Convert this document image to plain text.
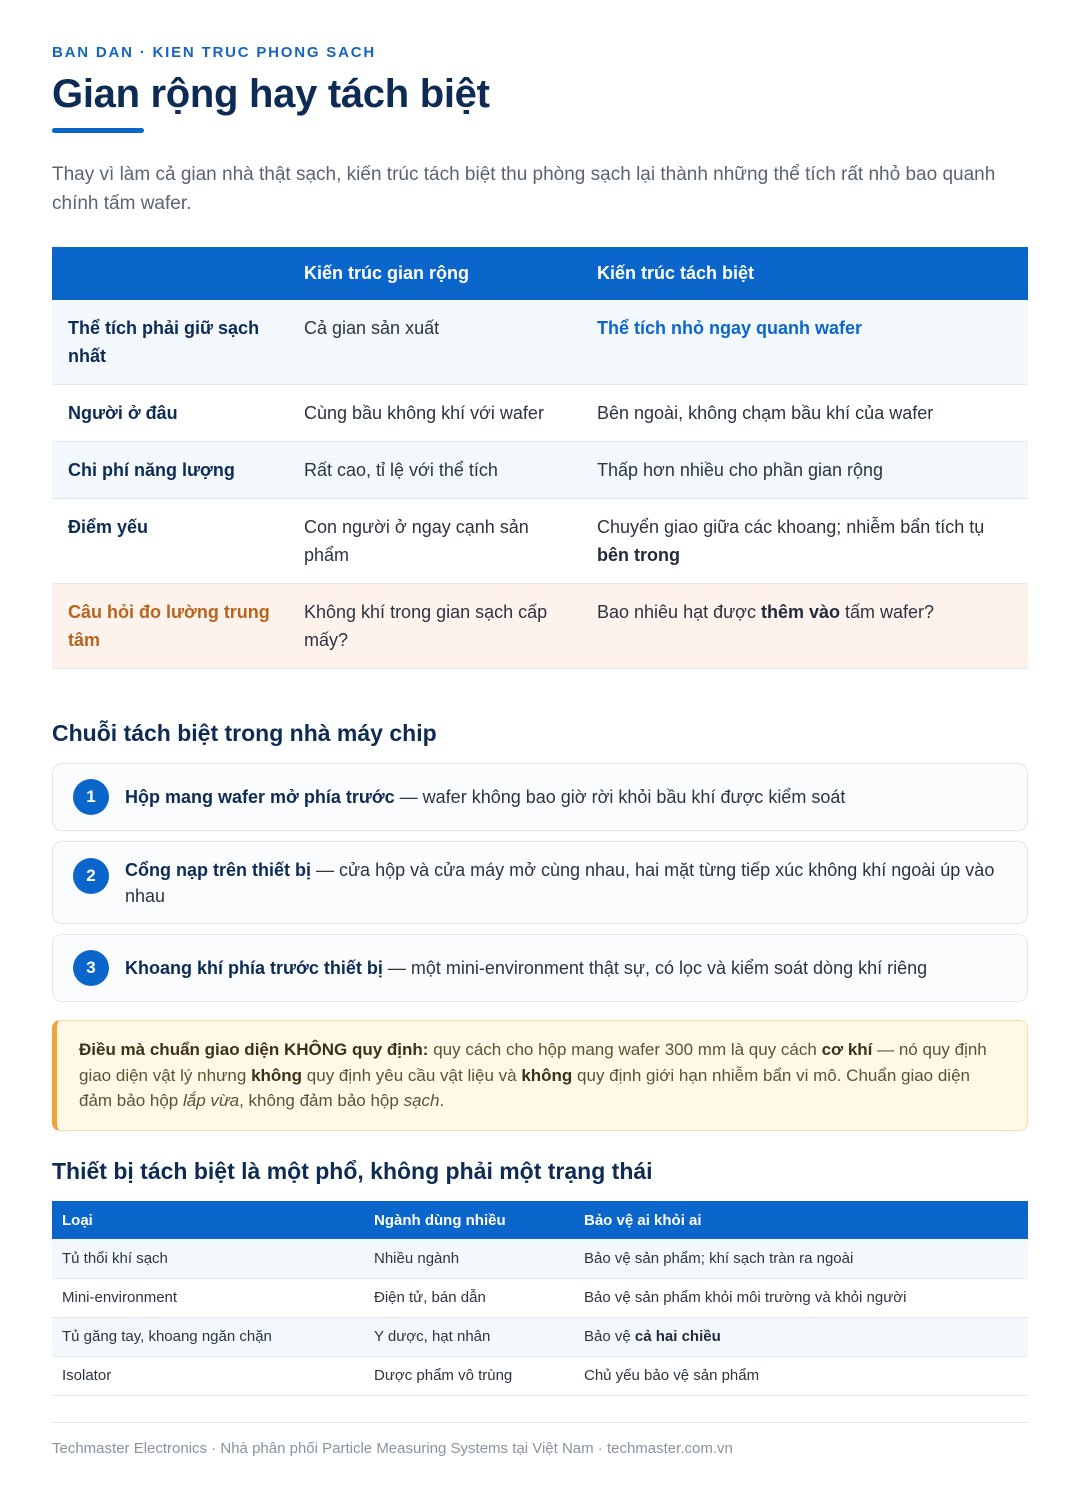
BAN DAN · KIEN TRUC PHONG SACH
Gian rộng hay tách biệt

Thay vì làm cả gian nhà thật sạch, kiến trúc tách biệt thu phòng sạch lại thành những thể tích rất nhỏ bao quanh chính tấm wafer.

	Kiến trúc gian rộng	Kiến trúc tách biệt
Thể tích phải giữ sạch nhất	Cả gian sản xuất	Thể tích nhỏ ngay quanh wafer
Người ở đâu	Cùng bầu không khí với wafer	Bên ngoài, không chạm bầu khí của wafer
Chi phí năng lượng	Rất cao, tỉ lệ với thể tích	Thấp hơn nhiều cho phần gian rộng
Điểm yếu	Con người ở ngay cạnh sản phẩm	Chuyển giao giữa các khoang; nhiễm bẩn tích tụ bên trong
Câu hỏi đo lường trung tâm	Không khí trong gian sạch cấp mấy?	Bao nhiêu hạt được thêm vào tấm wafer?
Chuỗi tách biệt trong nhà máy chip
1	Hộp mang wafer mở phía trước — wafer không bao giờ rời khỏi bầu khí được kiểm soát
2	Cổng nạp trên thiết bị — cửa hộp và cửa máy mở cùng nhau, hai mặt từng tiếp xúc không khí ngoài úp vào nhau
3	Khoang khí phía trước thiết bị — một mini-environment thật sự, có lọc và kiểm soát dòng khí riêng
Điều mà chuẩn giao diện KHÔNG quy định: quy cách cho hộp mang wafer 300 mm là quy cách cơ khí — nó quy định giao diện vật lý nhưng không quy định yêu cầu vật liệu và không quy định giới hạn nhiễm bẩn vi mô. Chuẩn giao diện đảm bảo hộp lắp vừa, không đảm bảo hộp sạch.
Thiết bị tách biệt là một phổ, không phải một trạng thái
Loại	Ngành dùng nhiều	Bảo vệ ai khỏi ai
Tủ thổi khí sạch	Nhiều ngành	Bảo vệ sản phẩm; khí sạch tràn ra ngoài
Mini-environment	Điện tử, bán dẫn	Bảo vệ sản phẩm khỏi môi trường và khỏi người
Tủ găng tay, khoang ngăn chặn	Y dược, hạt nhân	Bảo vệ cả hai chiều
Isolator	Dược phẩm vô trùng	Chủ yếu bảo vệ sản phẩm
Techmaster Electronics · Nhà phân phối Particle Measuring Systems tại Việt Nam · techmaster.com.vn
